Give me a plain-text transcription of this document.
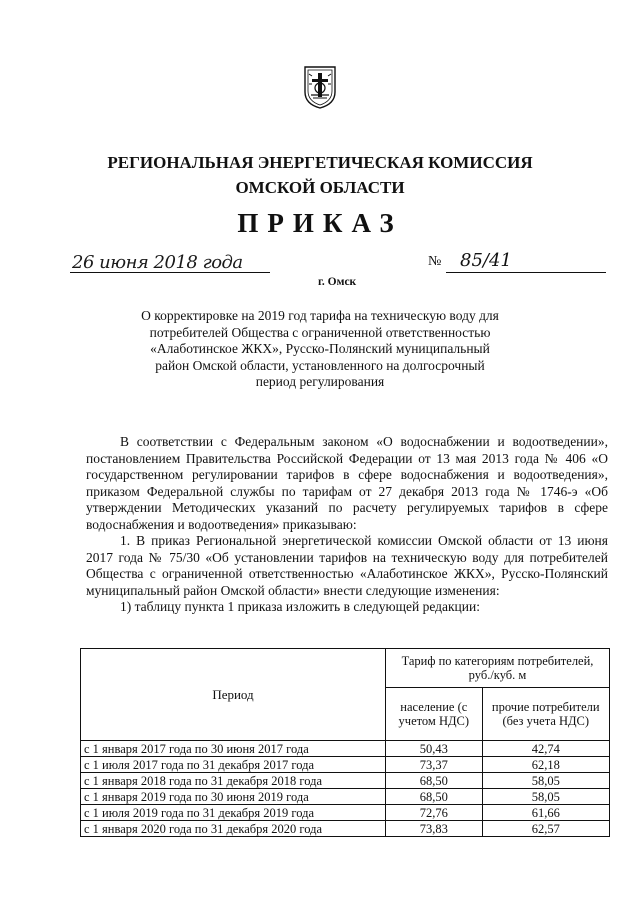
РЕГИОНАЛЬНАЯ ЭНЕРГЕТИЧЕСКАЯ КОМИССИЯ
ОМСКОЙ ОБЛАСТИ
ПРИКАЗ
26 июня 2018 года
г. Омск
№ 85/41
О корректировке на 2019 год тарифа на техническую воду для
потребителей Общества с ограниченной ответственностью
«Алаботинское ЖКХ», Русско-Полянский муниципальный
район Омской области, установленного на долгосрочный
период регулирования

В соответствии с Федеральным законом «О водоснабжении и водоотведении», постановлением Правительства Российской Федерации от 13 мая 2013 года № 406 «О государственном регулировании тарифов в сфере водоснабжения и водоотведения», приказом Федеральной службы по тарифам от 27 декабря 2013 года № 1746-э «Об утверждении Методических указаний по расчету регулируемых тарифов в сфере водоснабжения и водоотведения» приказываю:

1. В приказ Региональной энергетической комиссии Омской области от 13 июня 2017 года № 75/30 «Об установлении тарифов на техническую воду для потребителей Общества с ограниченной ответственностью «Алаботинское ЖКХ», Русско-Полянский муниципальный район Омской области» внести следующие изменения:

1) таблицу пункта 1 приказа изложить в следующей редакции:

Период	Тариф по категориям потребителей, руб./куб. м	
	население (с учетом НДС)	прочие потребители (без учета НДС)
с 1 января 2017 года по 30 июня 2017 года	50,43	42,74
с 1 июля 2017 года по 31 декабря 2017 года	73,37	62,18
с 1 января 2018 года по 31 декабря 2018 года	68,50	58,05
с 1 января 2019 года по 30 июня 2019 года	68,50	58,05
с 1 июля 2019 года по 31 декабря 2019 года	72,76	61,66
с 1 января 2020 года по 31 декабря 2020 года	73,83	62,57
